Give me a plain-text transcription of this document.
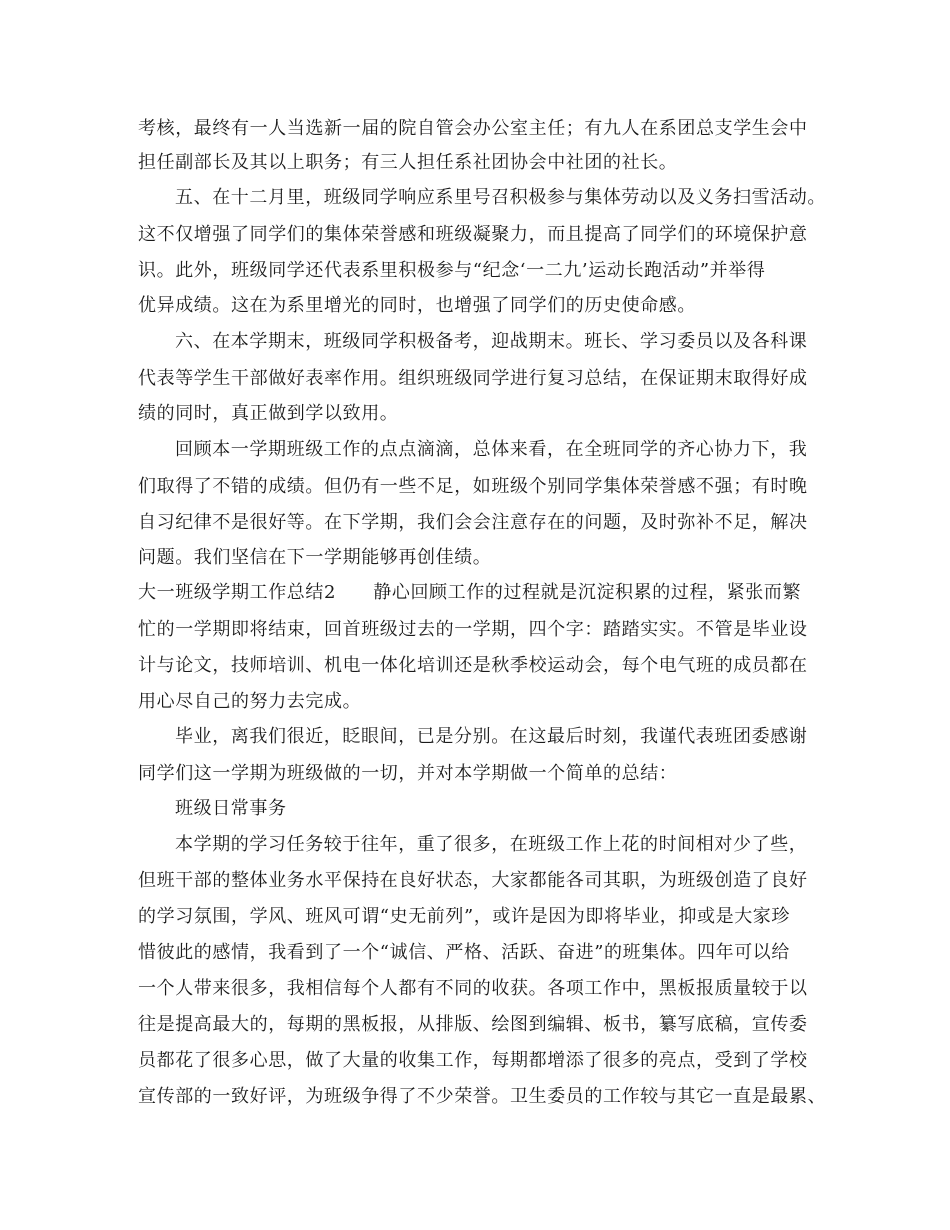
考核，最终有一人当选新一届的院自管会办公室主任；有九人在系团总支学生会中
担任副部长及其以上职务；有三人担任系社团协会中社团的社长。
五、在十二月里，班级同学响应系里号召积极参与集体劳动以及义务扫雪活动。
这不仅增强了同学们的集体荣誉感和班级凝聚力，而且提高了同学们的环境保护意
识。此外，班级同学还代表系里积极参与“纪念‘一二九’运动长跑活动”并举得
优异成绩。这在为系里增光的同时，也增强了同学们的历史使命感。
六、在本学期末，班级同学积极备考，迎战期末。班长、学习委员以及各科课
代表等学生干部做好表率作用。组织班级同学进行复习总结，在保证期末取得好成
绩的同时，真正做到学以致用。
回顾本一学期班级工作的点点滴滴，总体来看，在全班同学的齐心协力下，我
们取得了不错的成绩。但仍有一些不足，如班级个别同学集体荣誉感不强；有时晚
自习纪律不是很好等。在下学期，我们会会注意存在的问题，及时弥补不足，解决
问题。我们坚信在下一学期能够再创佳绩。
大一班级学期工作总结2　　静心回顾工作的过程就是沉淀积累的过程，紧张而繁
忙的一学期即将结束，回首班级过去的一学期，四个字：踏踏实实。不管是毕业设
计与论文，技师培训、机电一体化培训还是秋季校运动会，每个电气班的成员都在
用心尽自己的努力去完成。
毕业，离我们很近，眨眼间，已是分别。在这最后时刻，我谨代表班团委感谢
同学们这一学期为班级做的一切，并对本学期做一个简单的总结：
班级日常事务
本学期的学习任务较于往年，重了很多，在班级工作上花的时间相对少了些，
但班干部的整体业务水平保持在良好状态，大家都能各司其职，为班级创造了良好
的学习氛围，学风、班风可谓“史无前列”，或许是因为即将毕业，抑或是大家珍
惜彼此的感情，我看到了一个“诚信、严格、活跃、奋进”的班集体。四年可以给
一个人带来很多，我相信每个人都有不同的收获。各项工作中，黑板报质量较于以
往是提高最大的，每期的黑板报，从排版、绘图到编辑、板书，纂写底稿，宣传委
员都花了很多心思，做了大量的收集工作，每期都增添了很多的亮点，受到了学校
宣传部的一致好评，为班级争得了不少荣誉。卫生委员的工作较与其它一直是最累、
